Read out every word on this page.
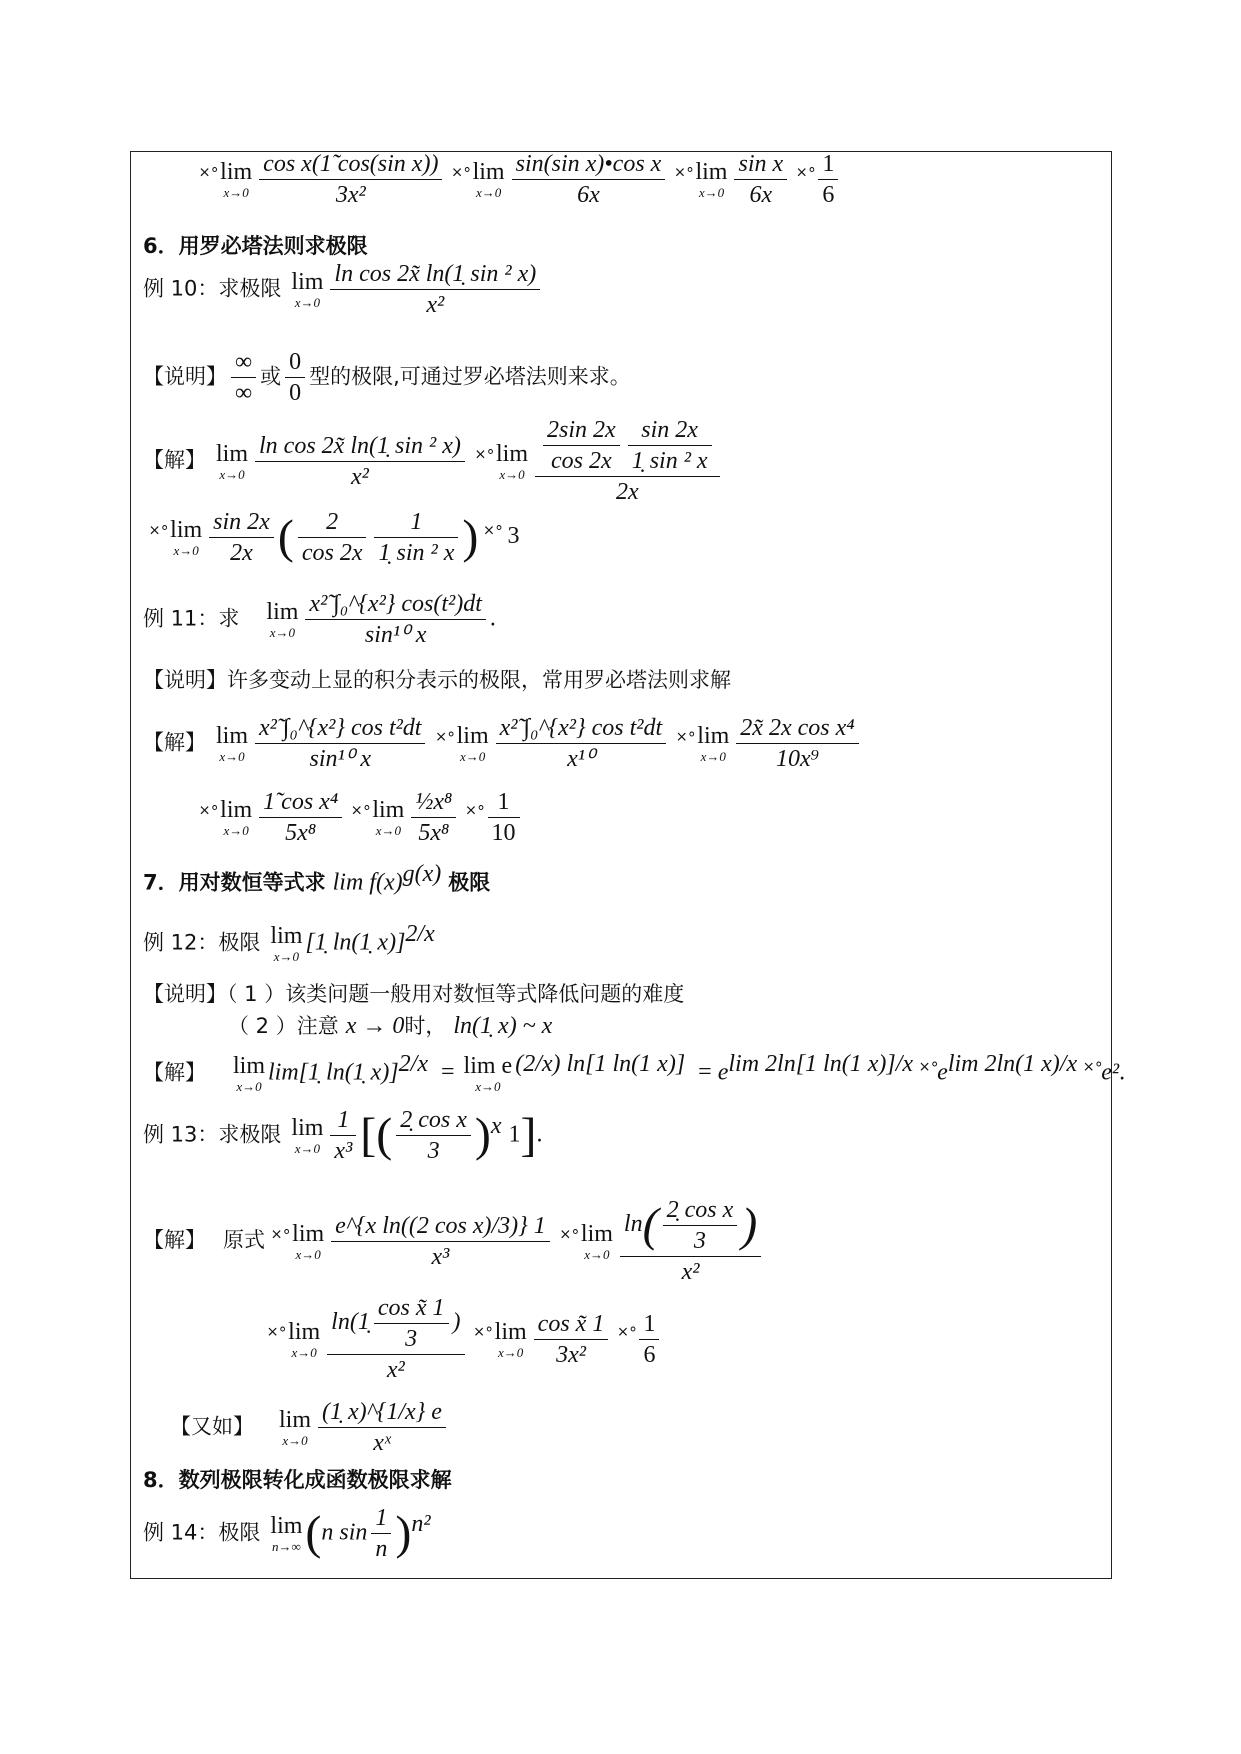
˟˚ lim
$x\to 0 \frac{\text{cos x(1̃ cos(sin x))}}{\text{3x²}}$ ˟˚ lim
$x\to 0 \frac{\text{sin(sin x)•cos x}}{6x}$ ˟˚ lim
$x\to 0 \frac{\text{sin x}}{6x}$ ˟˚ $\frac{1}{6}$
6．用罗必塔法则求极限
例 10：求极限 lim
$x\to 0 \frac{\text{ln cos 2x̃ ln(1̣ sin ² x)}}{\text{x²}}$
【说明】 $\frac{\infty}{\infty}$ 或 $\frac{0}{0}$ 型的极限,可通过罗必塔法则来求。
【解】 lim
$x\to 0 \frac{\text{ln cos 2x̃ ln(1̣ sin ² x)}}{\text{x²}}$ ˟˚ lim
$x\to 0 \frac{\frac{2\sin 2x}{\cos 2x} \frac{\sin 2x}{\text{1̣ sin ² x}}}{2x}$
˟˚ lim
$x\to 0 \frac{\sin 2x}{2x}$ ( $\frac{2}{\cos 2x} \frac{1}{\text{1̣ sin ² x}}$ ) ˟˚ 3
例 11：求 lim
$x\to 0 \frac{\text{x²̃ ∫₀\textasciicircum{}\{x²\} cos(t²)dt}}{\text{sin¹⁰ x}}$ .
【说明】许多变动上显的积分表示的极限，常用罗必塔法则求解
【解】 lim
$x\to 0 \frac{\text{x²̃ ∫₀\textasciicircum{}\{x²\} cos t²dt}}{\text{sin¹⁰ x}}$ ˟˚ lim
$x\to 0 \frac{\text{x²̃ ∫₀\textasciicircum{}\{x²\} cos t²dt}}{\text{x¹⁰}}$ ˟˚ lim
$x\to 0 \frac{\text{2x̃ 2x cos x⁴}}{\text{10x⁹}}$
˟˚ lim
$x\to 0 \frac{\text{1̃ cos x⁴}}{\text{5x⁸}}$ ˟˚ lim
$x\to 0 \frac{\text{½x⁸}}{\text{5x⁸}}$ ˟˚ $\frac{1}{10}$
7．用对数恒等式求 $\lim f(x)^{g(x)}$ 极限
例 12：极限 lim
x→0
[1̣ ln(1̣ x)]$^{2/x}$
【说明】（ 1 ）该类问题一般用对数恒等式降低问题的难度
（ 2 ）注意 x → 0时， ln(1̣ x) ~ x
【解】 lim
x→0
lim[1̣ ln(1̣ x)]$^{2/x}$ = lim e
x→0
$^{(2/x) ln[1 ln(1 x)]} = e^{lim 2ln[1 ln(1 x)]/x}$ $˟˚e^{lim 2ln(1 x)/x}$ ˟˚e².
例 13：求极限 lim
$x\to 0 \frac{1}{\text{x³}}$ [( $\frac{\text{2̣ cos x}}{3} )^x$ 1].
【解】 原式 ˟˚ lim
$x\to 0 \frac{\text{e\textasciicircum{}\{x ln((2 cos x)/3)\} 1}}{\text{x³}}$ ˟˚ lim
$x\to 0 \frac{\ln( \frac{\text{2̣ cos x}}{3} )}{\text{x²}}$
˟˚ lim
$x\to 0 \frac{\ln(1̣ \frac{\text{cos x̃ 1}}{3} )}{\text{x²}}$ ˟˚ lim
$x\to 0 \frac{\text{cos x̃ 1}}{\text{3x²}}$ ˟˚ $\frac{1}{6}$
【又如】 lim
$x\to 0 \frac{(1̣ x)\^{}\{1/x\} e}{\text{xˣ}}$
8．数列极限转化成函数极限求解
例 14：极限 lim
n→∞ (n $\sin \frac{1}{n} )^{n^2}$
